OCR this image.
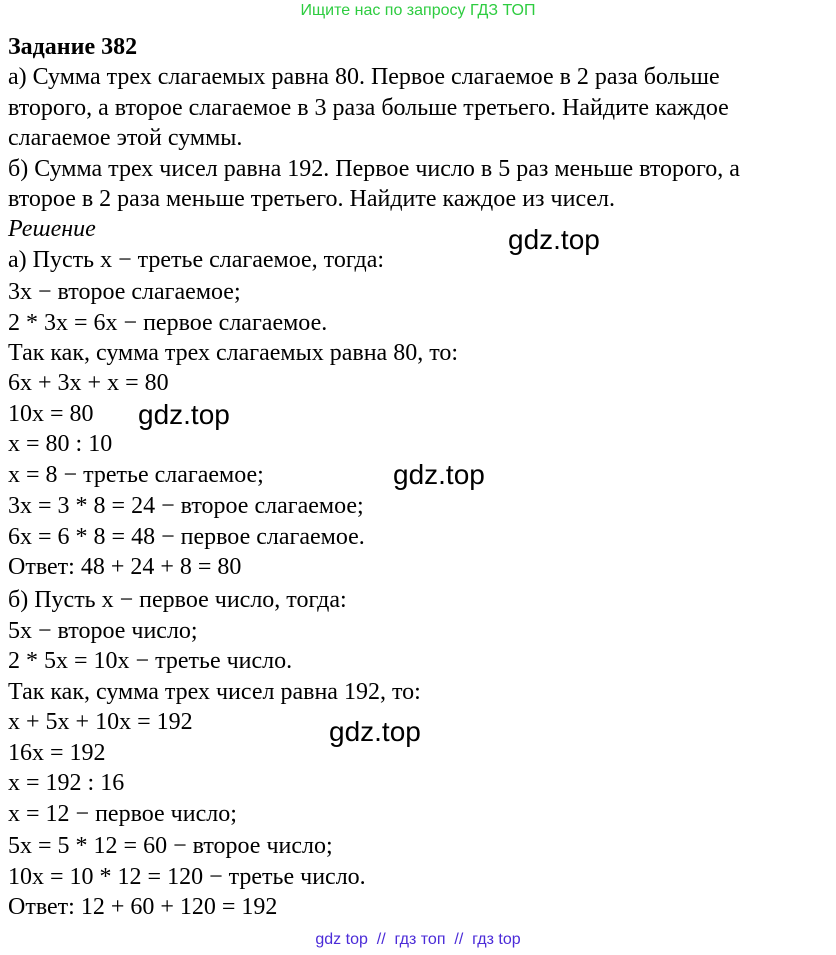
Ищите нас по запросу ГДЗ ТОП
Задание 382
а) Сумма трех слагаемых равна 80. Первое слагаемое в 2 раза больше
второго, а второе слагаемое в 3 раза больше третьего. Найдите каждое
слагаемое этой суммы.
б) Сумма трех чисел равна 192. Первое число в 5 раз меньше второго, а
второе в 2 раза меньше третьего. Найдите каждое из чисел.
Решение
а) Пусть x − третье слагаемое, тогда:
3x − второе слагаемое;
2 * 3x = 6x − первое слагаемое.
Так как, сумма трех слагаемых равна 80, то:
6x + 3x + x = 80
10x = 80
x = 80 : 10
x = 8 − третье слагаемое;
3x = 3 * 8 = 24 − второе слагаемое;
6x = 6 * 8 = 48 − первое слагаемое.
Ответ: 48 + 24 + 8 = 80
б) Пусть x − первое число, тогда:
5x − второе число;
2 * 5x = 10x − третье число.
Так как, сумма трех чисел равна 192, то:
x + 5x + 10x = 192
16x = 192
x = 192 : 16
x = 12 − первое число;
5x = 5 * 12 = 60 − второе число;
10x = 10 * 12 = 120 − третье число.
Ответ: 12 + 60 + 120 = 192
gdz.top
gdz.top
gdz.top
gdz.top
gdz top  //  гдз топ  //  гдз top
